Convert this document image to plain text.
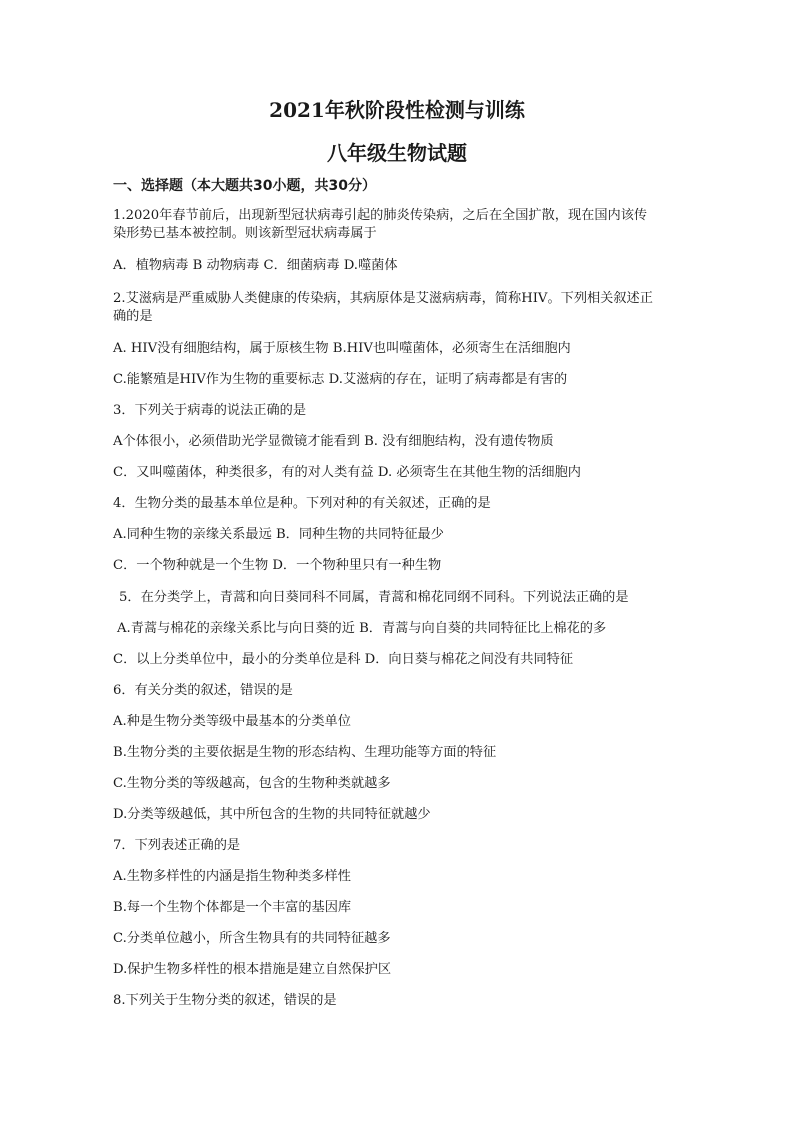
2021年秋阶段性检测与训练
八年级生物试题
一、选择题（本大题共30小题，共30分）
1.2020年春节前后，出现新型冠状病毒引起的肺炎传染病，之后在全国扩散，现在国内该传
染形势已基本被控制。则该新型冠状病毒属于
A．植物病毒 B 动物病毒 C．细菌病毒 D.噬菌体
2.艾滋病是严重威胁人类健康的传染病，其病原体是艾滋病病毒，简称HIV。下列相关叙述正
确的是
A. HIV没有细胞结构，属于原核生物 B.HIV也叫噬菌体，必须寄生在活细胞内
C.能繁殖是HIV作为生物的重要标志 D.艾滋病的存在，证明了病毒都是有害的
3．下列关于病毒的说法正确的是
A个体很小，必须借助光学显微镜才能看到 B. 没有细胞结构，没有遗传物质
C．又叫噬菌体，种类很多，有的对人类有益 D. 必须寄生在其他生物的活细胞内
4．生物分类的最基本单位是种。下列对种的有关叙述，正确的是
A.同种生物的亲缘关系最远 B．同种生物的共同特征最少
C．一个物种就是一个生物 D．一个物种里只有一种生物
5．在分类学上，青蒿和向日葵同科不同属，青蒿和棉花同纲不同科。下列说法正确的是
A.青蒿与棉花的亲缘关系比与向日葵的近 B．青蒿与向自葵的共同特征比上棉花的多
C．以上分类单位中，最小的分类单位是科 D．向日葵与棉花之间没有共同特征
6．有关分类的叙述，错误的是
A.种是生物分类等级中最基本的分类单位
B.生物分类的主要依据是生物的形态结构、生理功能等方面的特征
C.生物分类的等级越高，包含的生物种类就越多
D.分类等级越低，其中所包含的生物的共同特征就越少
7．下列表述正确的是
A.生物多样性的内涵是指生物种类多样性
B.每一个生物个体都是一个丰富的基因库
C.分类单位越小，所含生物具有的共同特征越多
D.保护生物多样性的根本措施是建立自然保护区
8.下列关于生物分类的叙述，错误的是
